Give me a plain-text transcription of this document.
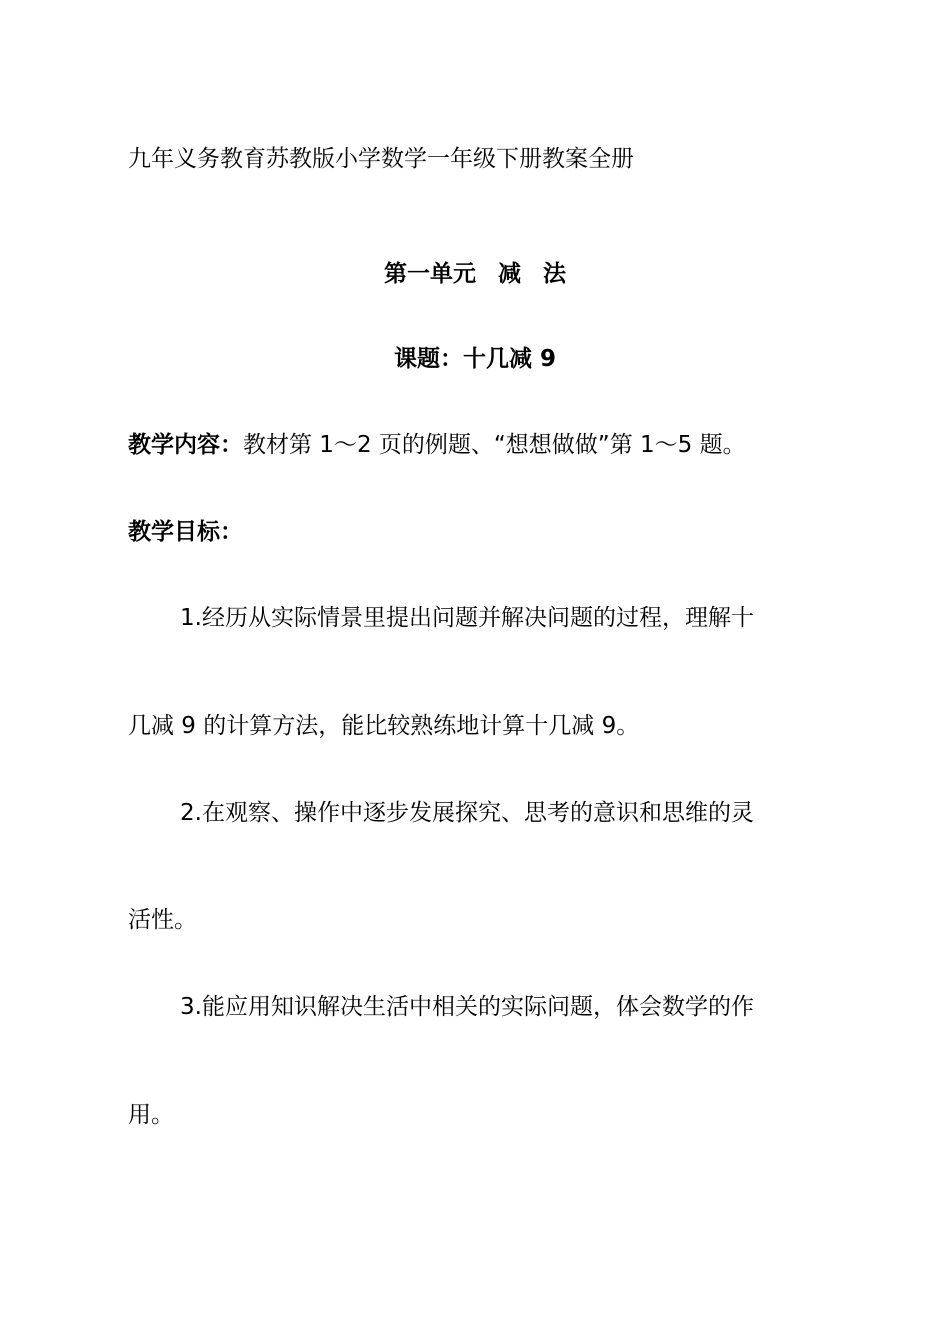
九年义务教育苏教版小学数学一年级下册教案全册
第一单元 减 法
课题：十几减 9
教学内容：教材第 1～2 页的例题、“想想做做”第 1～5 题。
教学目标：
1.经历从实际情景里提出问题并解决问题的过程，理解十
几减 9 的计算方法，能比较熟练地计算十几减 9。
2.在观察、操作中逐步发展探究、思考的意识和思维的灵
活性。
3.能应用知识解决生活中相关的实际问题，体会数学的作
用。
